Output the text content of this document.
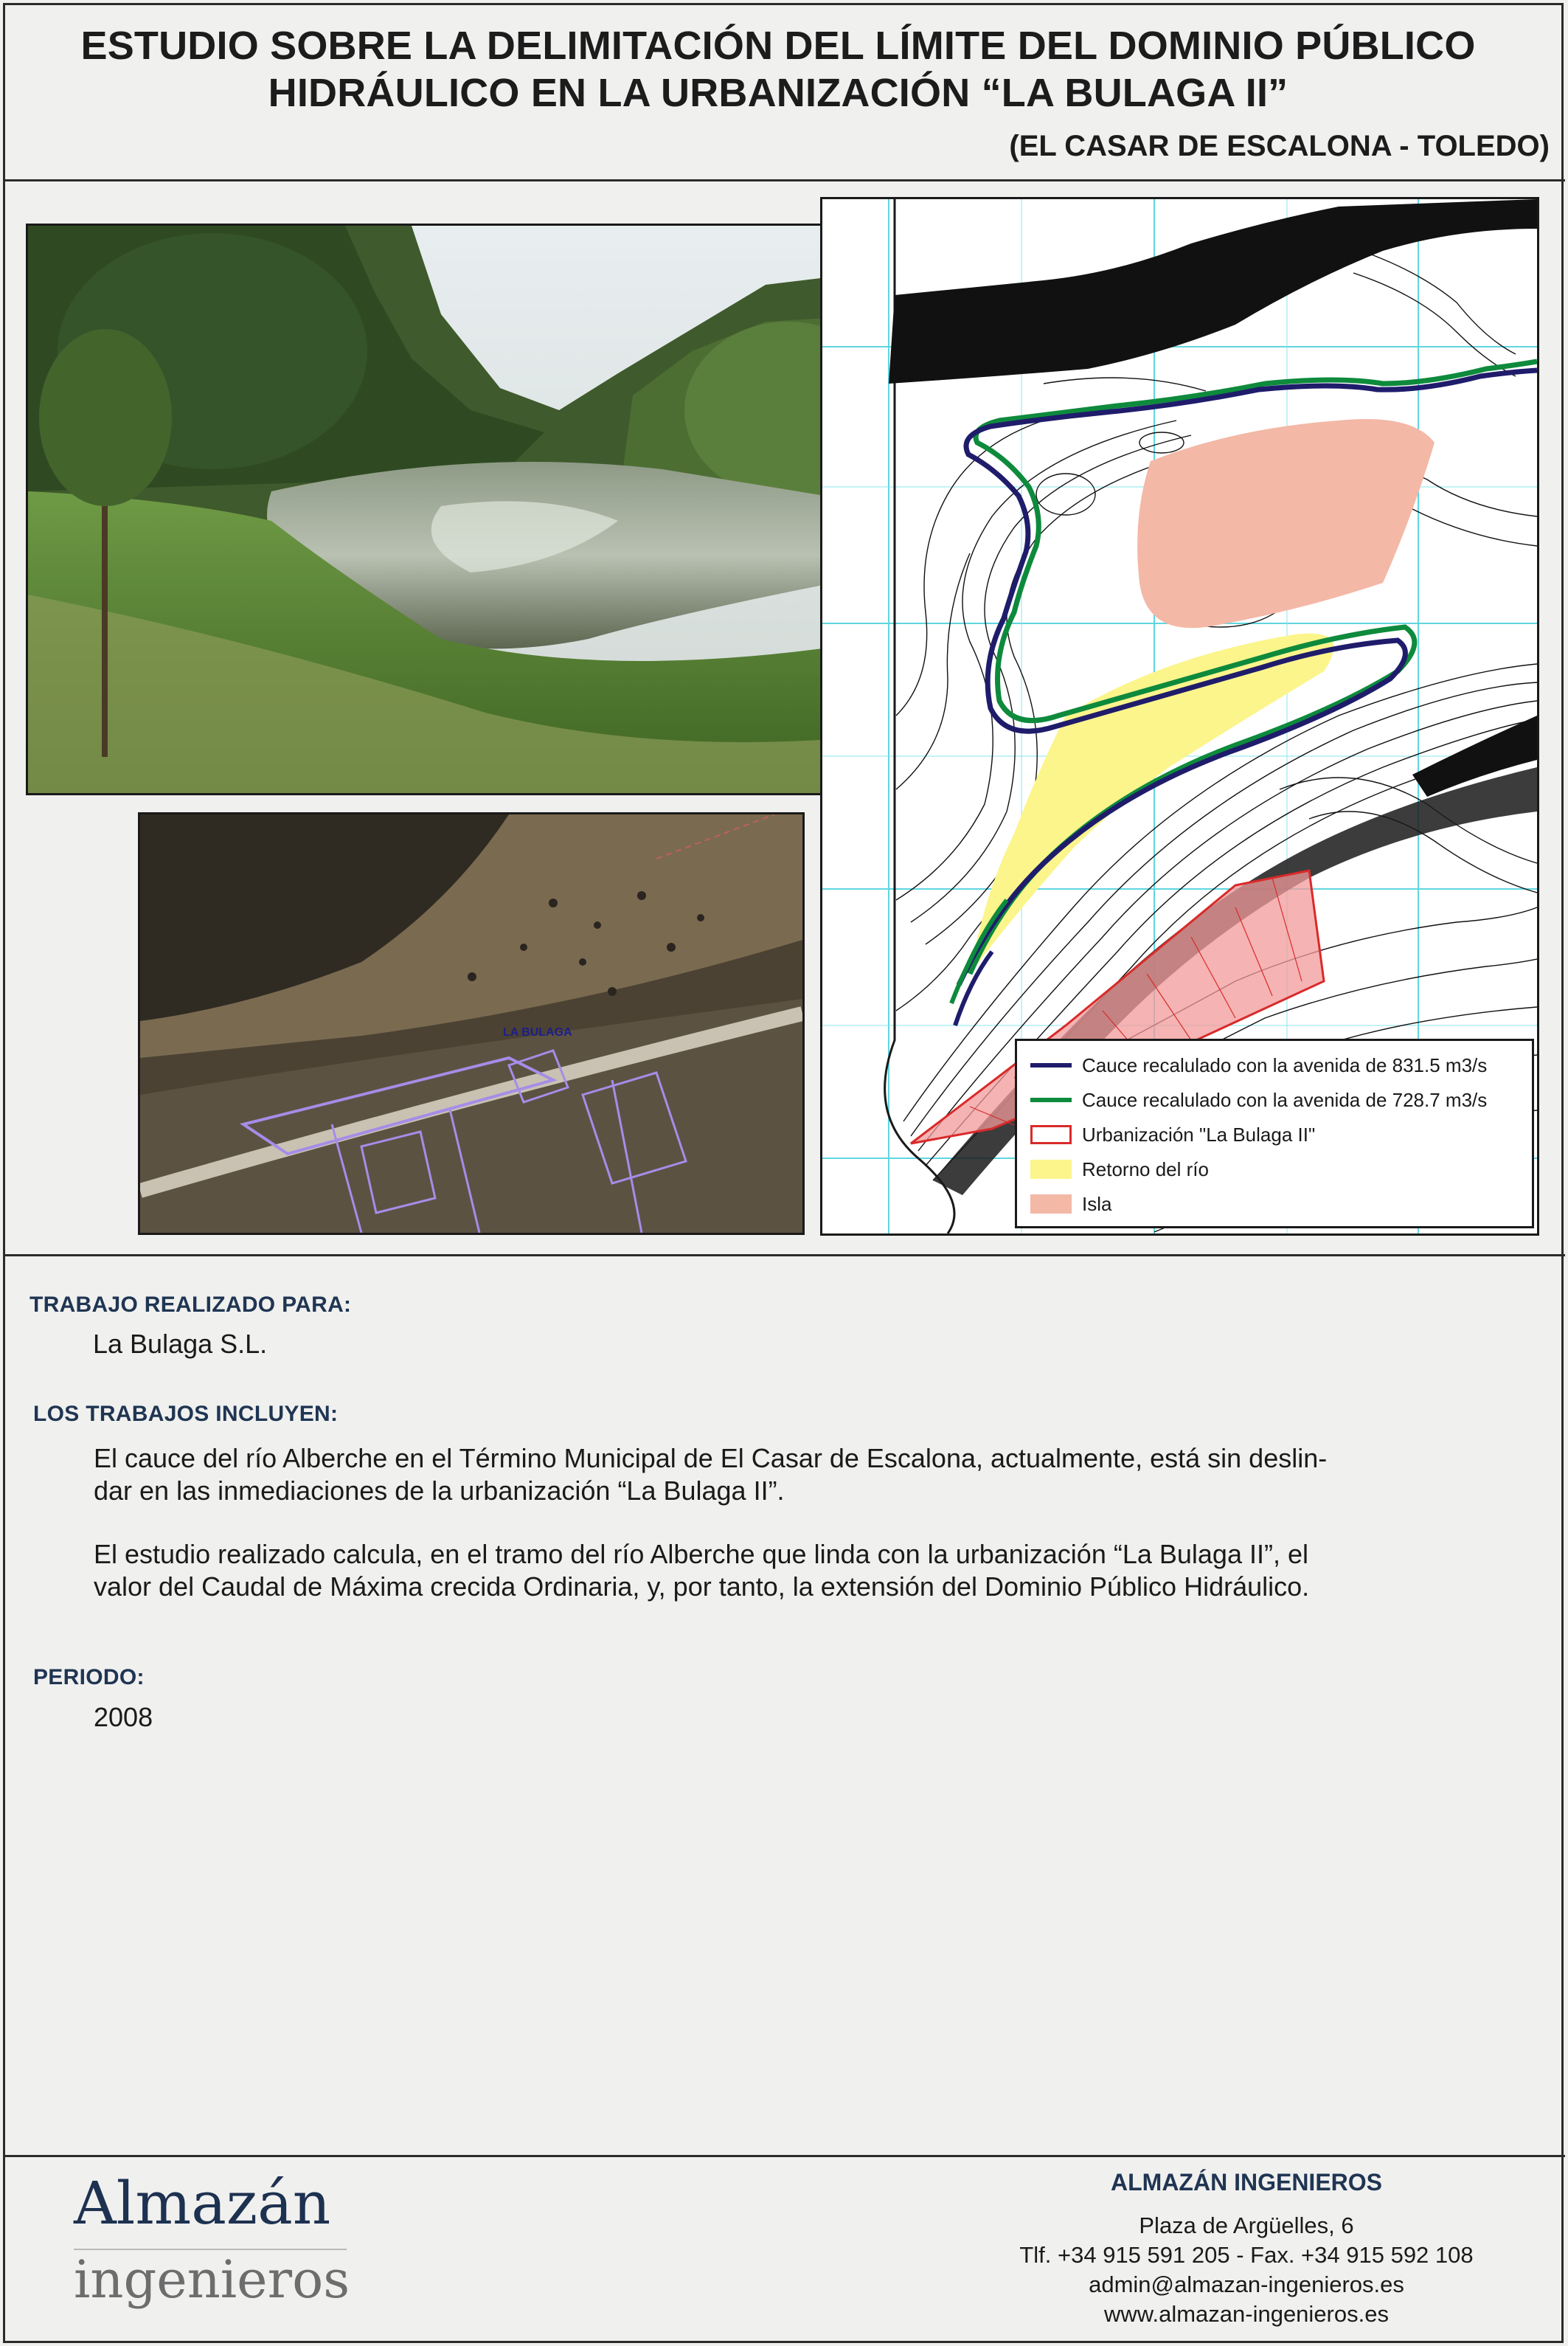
ESTUDIO SOBRE LA DELIMITACIÓN DEL LÍMITE DEL DOMINIO PÚBLICO
HIDRÁULICO EN LA URBANIZACIÓN “LA BULAGA II”
(EL CASAR DE ESCALONA - TOLEDO)
LA BULAGA
Cauce recalulado con la avenida de 831.5 m3/s
Cauce recalulado con la avenida de 728.7 m3/s
Urbanización "La Bulaga II"
Retorno del río
Isla
TRABAJO REALIZADO PARA:
La Bulaga S.L.
LOS TRABAJOS INCLUYEN:
El cauce del río Alberche en el Término Municipal de El Casar de Escalona, actualmente, está sin deslin-
dar en las inmediaciones de la urbanización “La Bulaga II”.
El estudio realizado calcula, en el tramo del río Alberche que linda con la urbanización “La Bulaga II”, el
valor del Caudal de Máxima crecida Ordinaria, y, por tanto, la extensión del Dominio Público Hidráulico.
PERIODO:
2008
Almazán
ingenieros
ALMAZÁN INGENIEROS
Plaza de Argüelles, 6
Tlf. +34 915 591 205 - Fax. +34 915 592 108
admin@almazan-ingenieros.es
www.almazan-ingenieros.es
